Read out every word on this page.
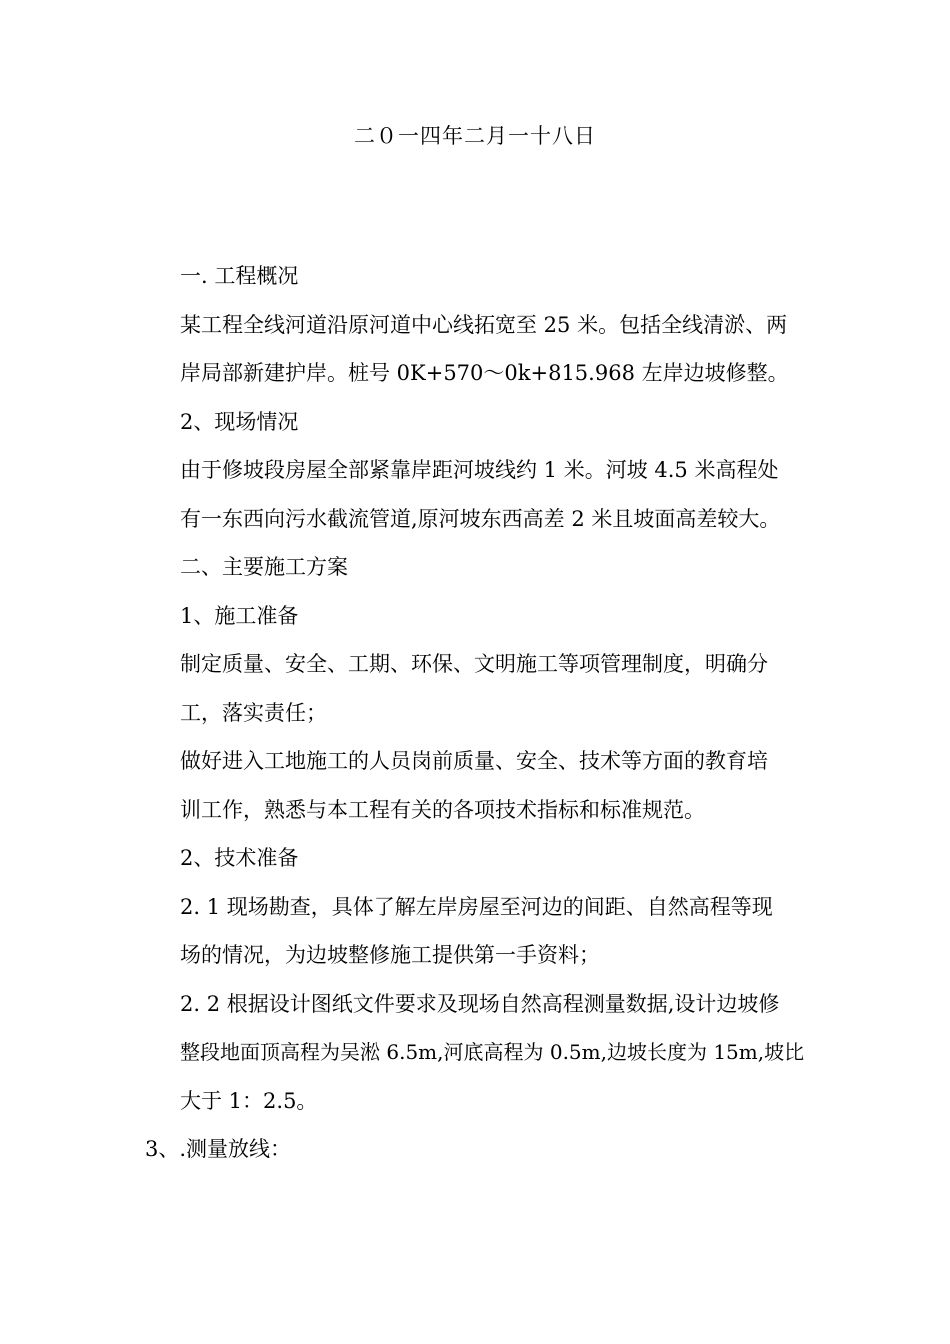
二０一四年二月一十八日

一. 工程概况

某工程全线河道沿原河道中心线拓宽至 25 米。包括全线清淤、两
岸局部新建护岸。桩号 0K+570～0k+815.968 左岸边坡修整。

2、现场情况

由于修坡段房屋全部紧靠岸距河坡线约 1 米。河坡 4.5 米高程处
有一东西向污水截流管道,原河坡东西高差 2 米且坡面高差较大。

二、主要施工方案

1、施工准备

制定质量、安全、工期、环保、文明施工等项管理制度，明确分
工，落实责任；

做好进入工地施工的人员岗前质量、安全、技术等方面的教育培
训工作，熟悉与本工程有关的各项技术指标和标准规范。

2、技术准备

2. 1 现场勘查，具体了解左岸房屋至河边的间距、自然高程等现
场的情况，为边坡整修施工提供第一手资料；

2. 2 根据设计图纸文件要求及现场自然高程测量数据,设计边坡修
整段地面顶高程为吴淞 6.5m,河底高程为 0.5m,边坡长度为 15m,坡比
大于 1：2.5。

3、.测量放线：
